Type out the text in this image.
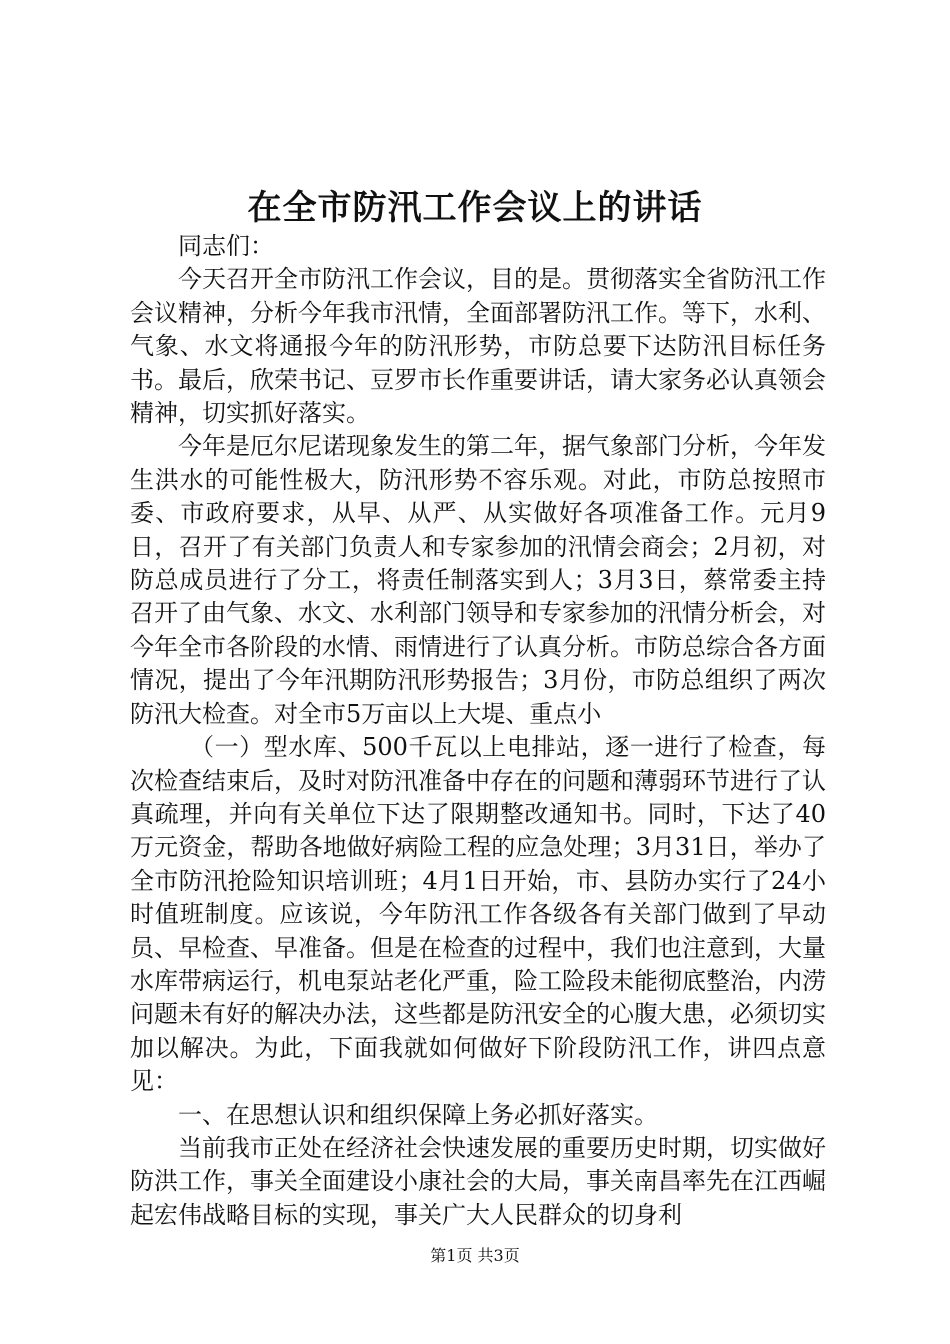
在全市防汛工作会议上的讲话

同志们：

今天召开全市防汛工作会议，目的是。贯彻落实全省防汛工作会议精神，分析今年我市汛情，全面部署防汛工作。等下，水利、气象、水文将通报今年的防汛形势，市防总要下达防汛目标任务书。最后，欣荣书记、豆罗市长作重要讲话，请大家务必认真领会精神，切实抓好落实。

今年是厄尔尼诺现象发生的第二年，据气象部门分析，今年发生洪水的可能性极大，防汛形势不容乐观。对此，市防总按照市委、市政府要求，从早、从严、从实做好各项准备工作。元月9日，召开了有关部门负责人和专家参加的汛情会商会；2月初，对防总成员进行了分工，将责任制落实到人；3月3日，蔡常委主持召开了由气象、水文、水利部门领导和专家参加的汛情分析会，对今年全市各阶段的水情、雨情进行了认真分析。市防总综合各方面情况，提出了今年汛期防汛形势报告；3月份，市防总组织了两次防汛大检查。对全市5万亩以上大堤、重点小

（一）型水库、500千瓦以上电排站，逐一进行了检查，每次检查结束后，及时对防汛准备中存在的问题和薄弱环节进行了认真疏理，并向有关单位下达了限期整改通知书。同时，下达了40万元资金，帮助各地做好病险工程的应急处理；3月31日，举办了全市防汛抢险知识培训班；4月1日开始，市、县防办实行了24小时值班制度。应该说，今年防汛工作各级各有关部门做到了早动员、早检查、早准备。但是在检查的过程中，我们也注意到，大量水库带病运行，机电泵站老化严重，险工险段未能彻底整治，内涝问题未有好的解决办法，这些都是防汛安全的心腹大患，必须切实加以解决。为此，下面我就如何做好下阶段防汛工作，讲四点意见：

一、在思想认识和组织保障上务必抓好落实。

当前我市正处在经济社会快速发展的重要历史时期，切实做好防洪工作，事关全面建设小康社会的大局，事关南昌率先在江西崛起宏伟战略目标的实现，事关广大人民群众的切身利

第1页 共3页
